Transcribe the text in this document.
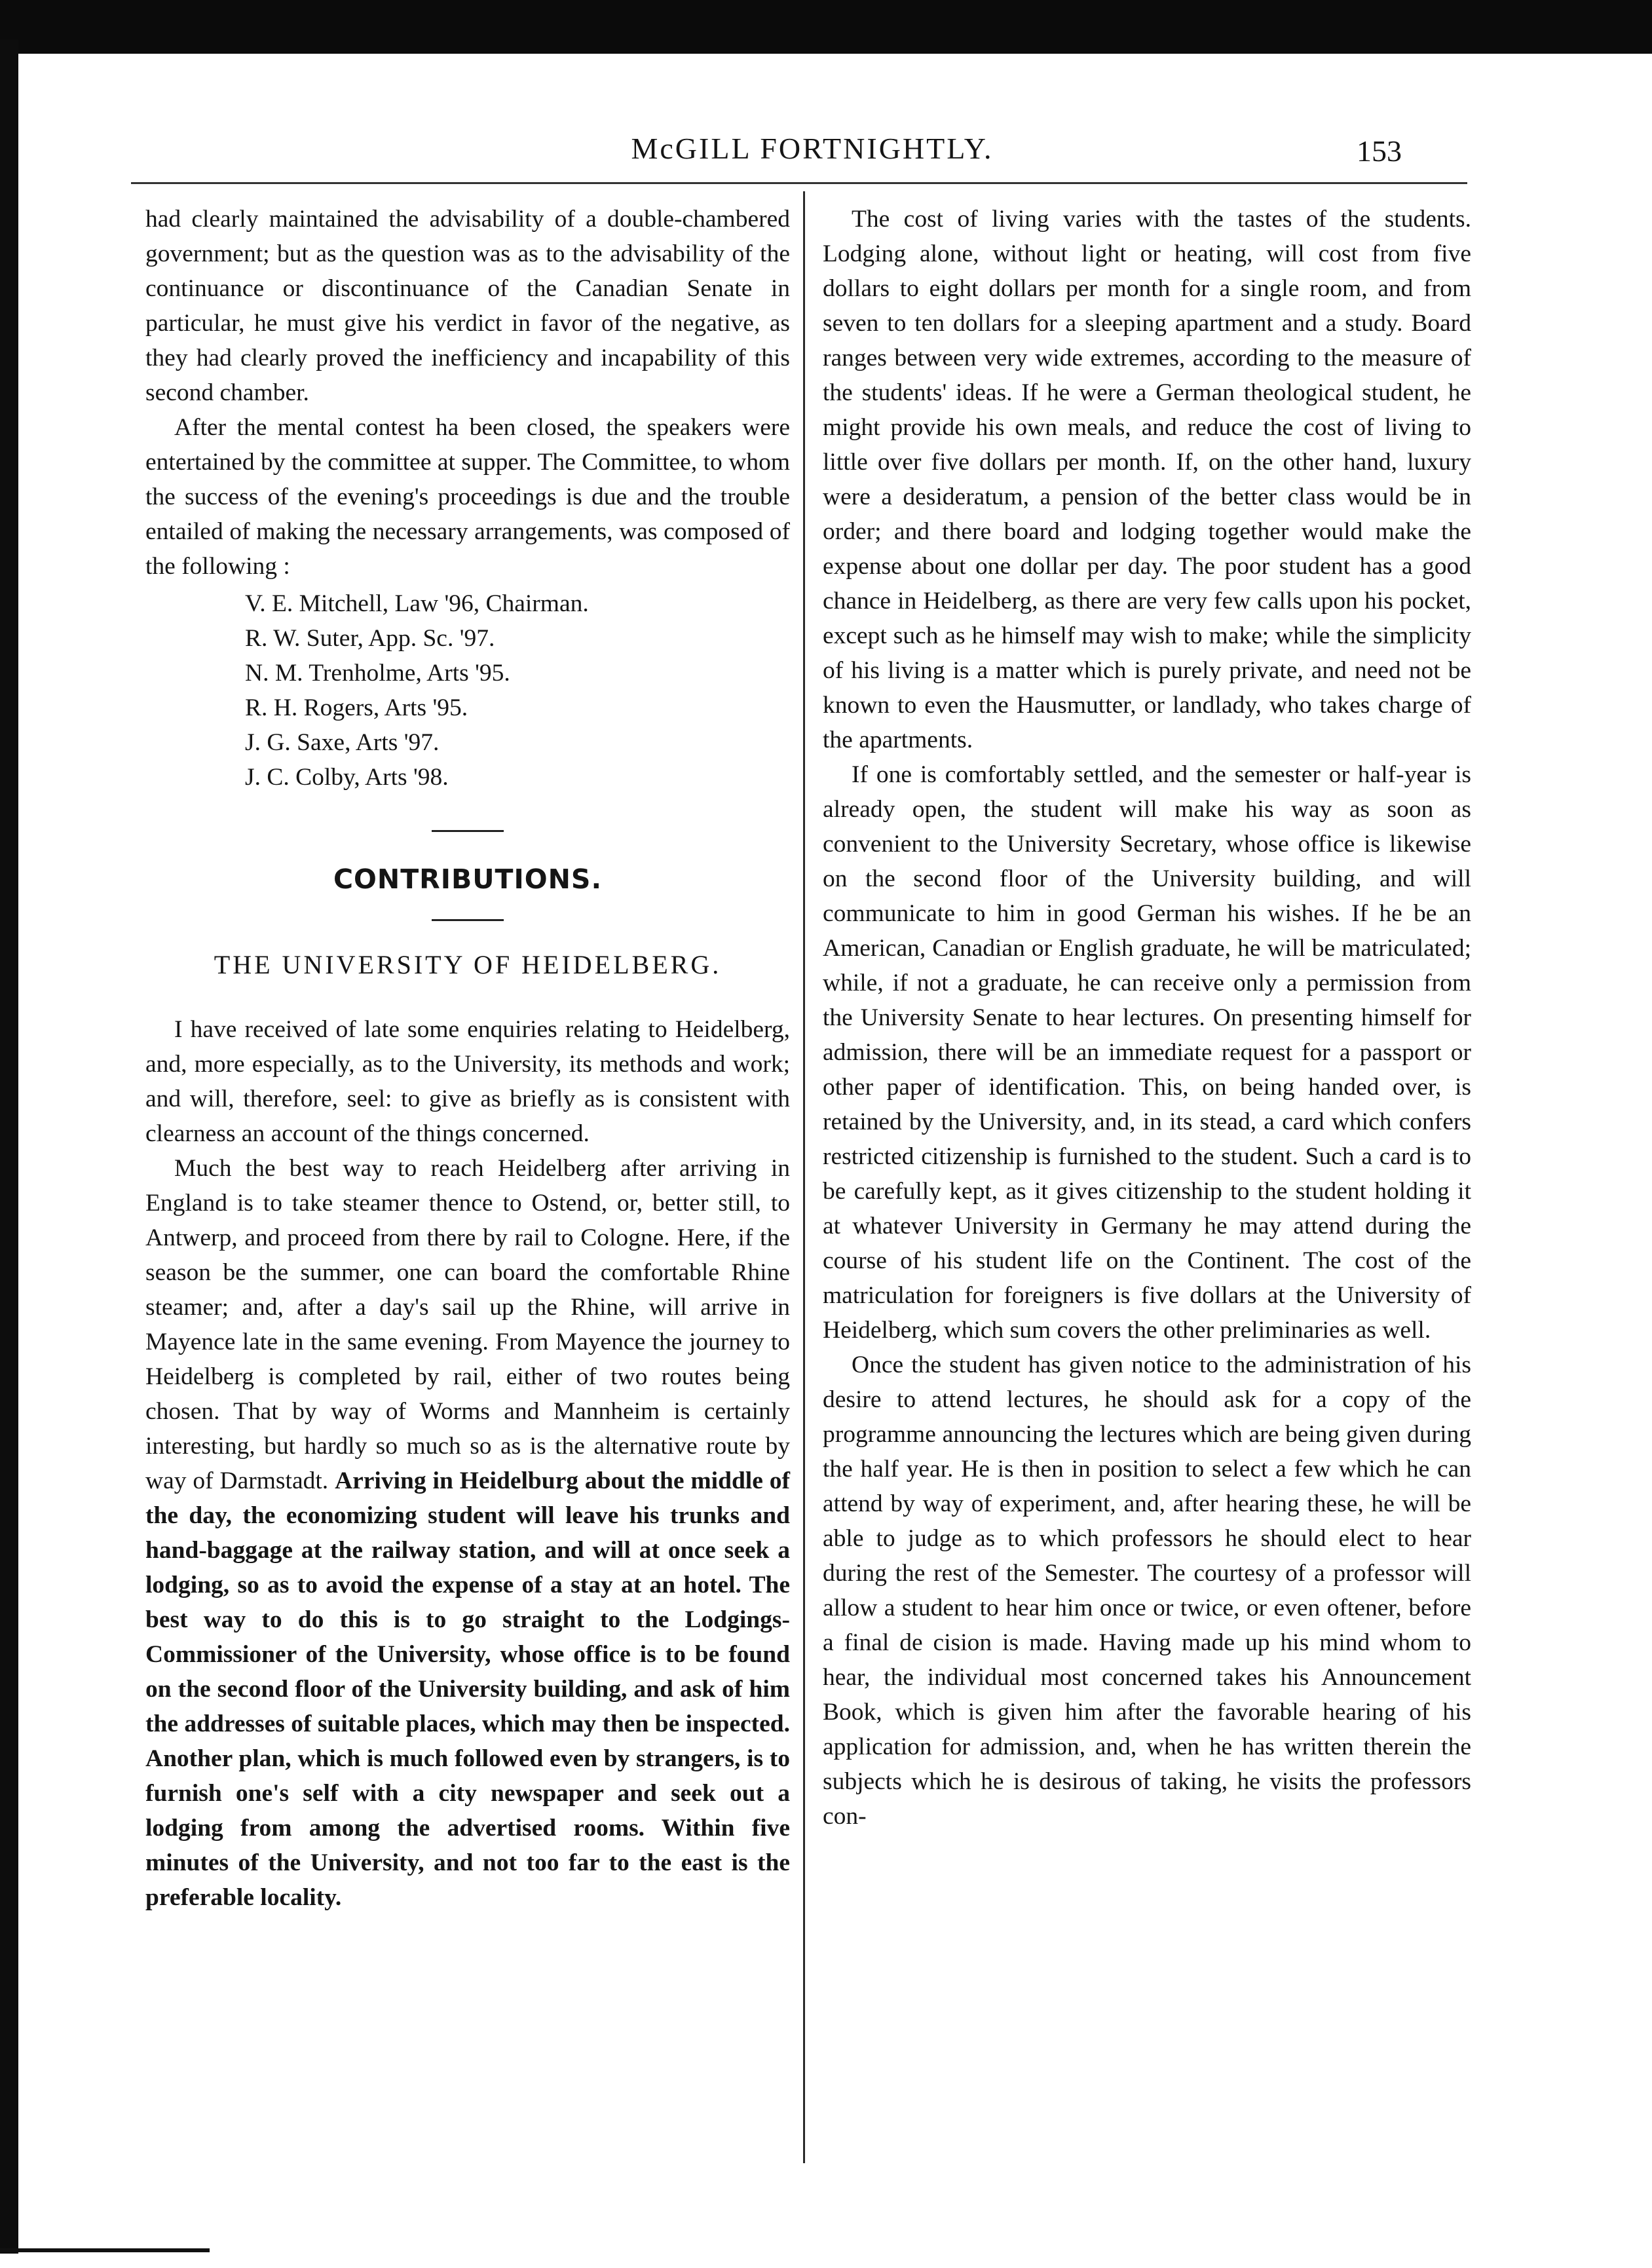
McGILL FORTNIGHTLY.	153

had clearly maintained the advisability of a double-chambered government; but as the question was as to the advisability of the continuance or discontinuance of the Canadian Senate in particular, he must give his verdict in favor of the negative, as they had clearly proved the inefficiency and incapability of this second chamber.

After the mental contest ha been closed, the speakers were entertained by the committee at supper. The Committee, to whom the success of the evening's proceedings is due and the trouble entailed of making the necessary arrangements, was composed of the following :

V. E. Mitchell, Law '96, Chairman.
R. W. Suter, App. Sc. '97.
N. M. Trenholme, Arts '95.
R. H. Rogers, Arts '95.
J. G. Saxe, Arts '97.
J. C. Colby, Arts '98.
CONTRIBUTIONS.
THE UNIVERSITY OF HEIDELBERG.

I have received of late some enquiries relating to Heidelberg, and, more especially, as to the University, its methods and work; and will, therefore, seel: to give as briefly as is consistent with clearness an account of the things concerned.

Much the best way to reach Heidelberg after arriving in England is to take steamer thence to Ostend, or, better still, to Antwerp, and proceed from there by rail to Cologne. Here, if the season be the summer, one can board the comfortable Rhine steamer; and, after a day's sail up the Rhine, will arrive in Mayence late in the same evening. From Mayence the journey to Heidelberg is completed by rail, either of two routes being chosen. That by way of Worms and Mannheim is certainly interesting, but hardly so much so as is the alternative route by way of Darmstadt. Arriving in Heidelburg about the middle of the day, the economizing student will leave his trunks and hand-baggage at the railway station, and will at once seek a lodging, so as to avoid the expense of a stay at an hotel. The best way to do this is to go straight to the Lodgings-Commissioner of the University, whose office is to be found on the second floor of the University building, and ask of him the addresses of suitable places, which may then be inspected. Another plan, which is much followed even by strangers, is to furnish one's self with a city newspaper and seek out a lodging from among the advertised rooms. Within five minutes of the University, and not too far to the east is the preferable locality.

The cost of living varies with the tastes of the students. Lodging alone, without light or heating, will cost from five dollars to eight dollars per month for a single room, and from seven to ten dollars for a sleeping apartment and a study. Board ranges between very wide extremes, according to the measure of the students' ideas. If he were a German theological student, he might provide his own meals, and reduce the cost of living to little over five dollars per month. If, on the other hand, luxury were a desideratum, a pension of the better class would be in order; and there board and lodging together would make the expense about one dollar per day. The poor student has a good chance in Heidelberg, as there are very few calls upon his pocket, except such as he himself may wish to make; while the simplicity of his living is a matter which is purely private, and need not be known to even the Hausmutter, or landlady, who takes charge of the apartments.

If one is comfortably settled, and the semester or half-year is already open, the student will make his way as soon as convenient to the University Secretary, whose office is likewise on the second floor of the University building, and will communicate to him in good German his wishes. If he be an American, Canadian or English graduate, he will be matriculated; while, if not a graduate, he can receive only a permission from the University Senate to hear lectures. On presenting himself for admission, there will be an immediate request for a passport or other paper of identification. This, on being handed over, is retained by the University, and, in its stead, a card which confers restricted citizenship is furnished to the student. Such a card is to be carefully kept, as it gives citizenship to the student holding it at whatever University in Germany he may attend during the course of his student life on the Continent. The cost of the matriculation for foreigners is five dollars at the University of Heidelberg, which sum covers the other preliminaries as well.

Once the student has given notice to the administration of his desire to attend lectures, he should ask for a copy of the programme announcing the lectures which are being given during the half year. He is then in position to select a few which he can attend by way of experiment, and, after hearing these, he will be able to judge as to which professors he should elect to hear during the rest of the Semester. The courtesy of a professor will allow a student to hear him once or twice, or even oftener, before a final de cision is made. Having made up his mind whom to hear, the individual most concerned takes his Announcement Book, which is given him after the favorable hearing of his application for admission, and, when he has written therein the subjects which he is desirous of taking, he visits the professors con-
